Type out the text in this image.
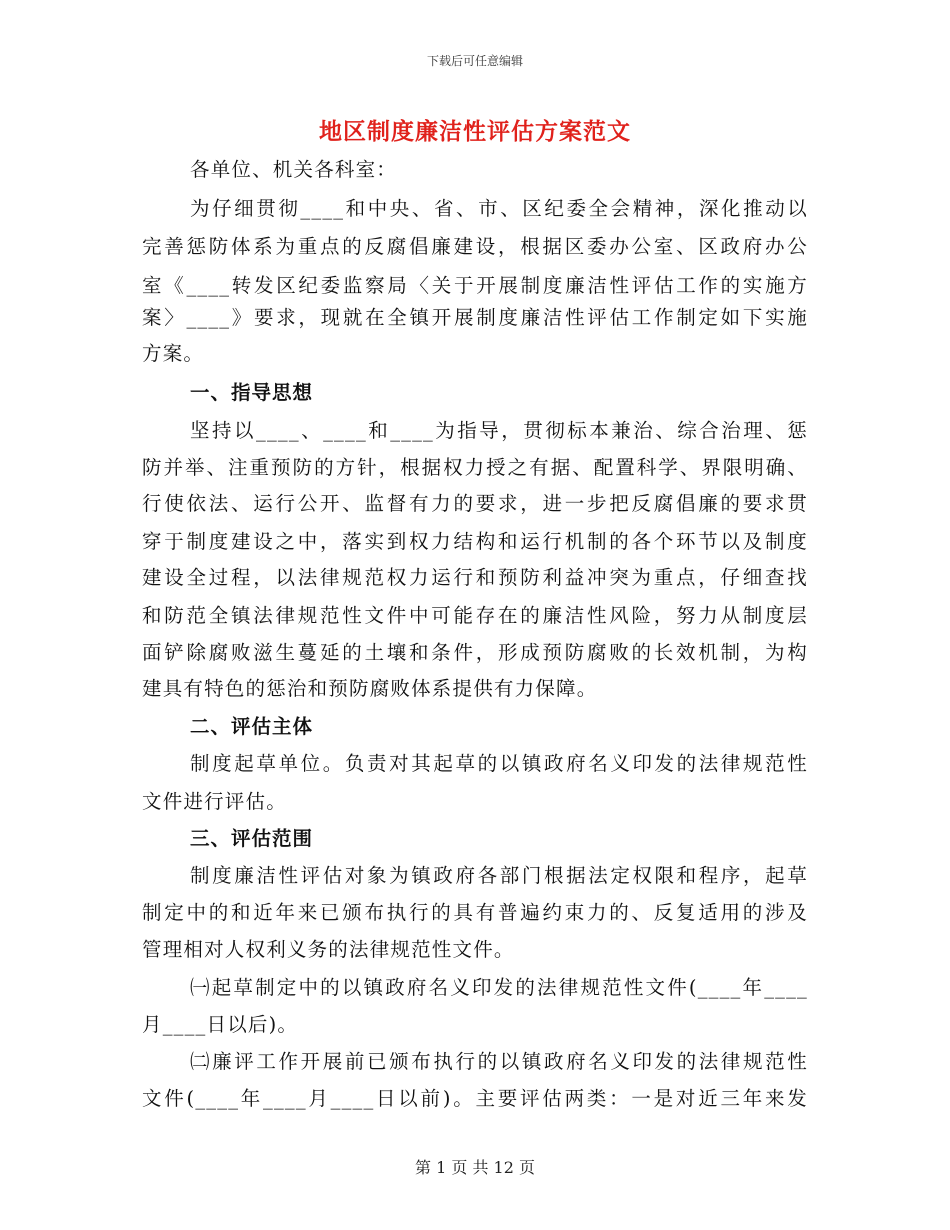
下载后可任意编辑
地区制度廉洁性评估方案范文
各单位、机关各科室：
为仔细贯彻____和中央、省、市、区纪委全会精神，深化推动以
完善惩防体系为重点的反腐倡廉建设，根据区委办公室、区政府办公
室《____转发区纪委监察局〈关于开展制度廉洁性评估工作的实施方
案〉____》要求，现就在全镇开展制度廉洁性评估工作制定如下实施
方案。
一、指导思想
坚持以____、____和____为指导，贯彻标本兼治、综合治理、惩
防并举、注重预防的方针，根据权力授之有据、配置科学、界限明确、
行使依法、运行公开、监督有力的要求，进一步把反腐倡廉的要求贯
穿于制度建设之中，落实到权力结构和运行机制的各个环节以及制度
建设全过程，以法律规范权力运行和预防利益冲突为重点，仔细查找
和防范全镇法律规范性文件中可能存在的廉洁性风险，努力从制度层
面铲除腐败滋生蔓延的土壤和条件，形成预防腐败的长效机制，为构
建具有特色的惩治和预防腐败体系提供有力保障。
二、评估主体
制度起草单位。负责对其起草的以镇政府名义印发的法律规范性
文件进行评估。
三、评估范围
制度廉洁性评估对象为镇政府各部门根据法定权限和程序，起草
制定中的和近年来已颁布执行的具有普遍约束力的、反复适用的涉及
管理相对人权利义务的法律规范性文件。
㈠起草制定中的以镇政府名义印发的法律规范性文件(____年____
月____日以后)。
㈡廉评工作开展前已颁布执行的以镇政府名义印发的法律规范性
文件(____年____月____日以前)。主要评估两类：一是对近三年来发
第 1 页 共 12 页
